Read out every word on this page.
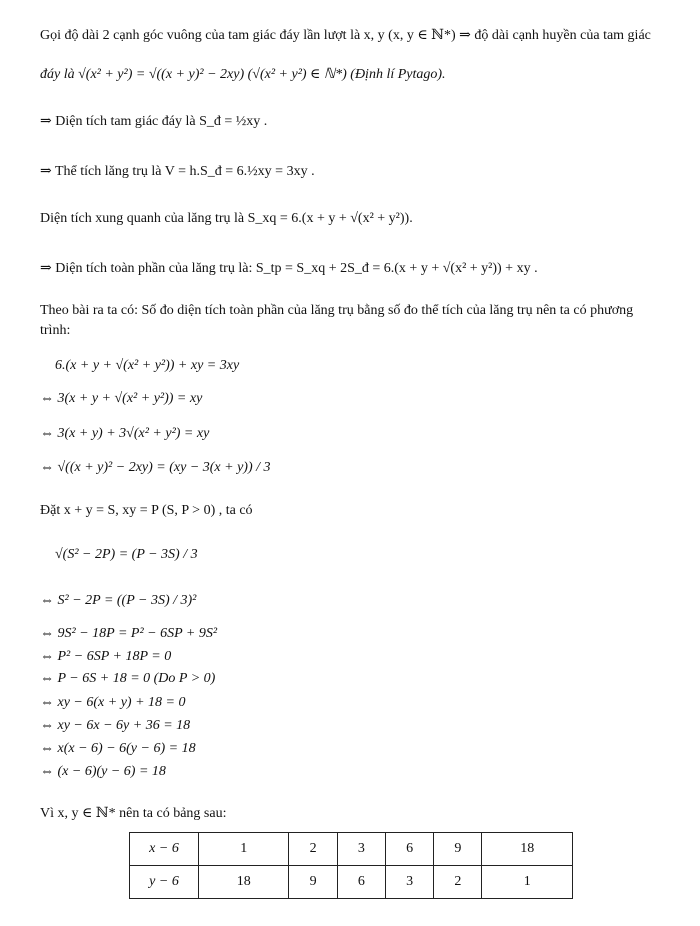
Gọi độ dài 2 cạnh góc vuông của tam giác đáy lần lượt là x, y (x, y ∈ ℕ*) ⇒ độ dài cạnh huyền của tam giác
đáy là √(x² + y²) = √((x + y)² − 2xy) (√(x² + y²) ∈ ℕ*) (Định lí Pytago).
⇒ Diện tích tam giác đáy là S_đ = ½xy .
⇒ Thể tích lăng trụ là V = h.S_đ = 6.½xy = 3xy .
Diện tích xung quanh của lăng trụ là S_xq = 6.(x + y + √(x² + y²)).
⇒ Diện tích toàn phần của lăng trụ là: S_tp = S_xq + 2S_đ = 6.(x + y + √(x² + y²)) + xy .
Theo bài ra ta có: Số đo diện tích toàn phần của lăng trụ bằng số đo thể tích của lăng trụ nên ta có phương
trình:
6.(x + y + √(x² + y²)) + xy = 3xy
⇔ 3(x + y + √(x² + y²)) = xy
⇔ 3(x + y) + 3√(x² + y²) = xy
⇔ √((x + y)² − 2xy) = (xy − 3(x + y)) / 3
Đặt x + y = S, xy = P (S, P > 0) , ta có
√(S² − 2P) = (P − 3S) / 3
⇔ S² − 2P = ((P − 3S) / 3)²
⇔ 9S² − 18P = P² − 6SP + 9S²
⇔ P² − 6SP + 18P = 0
⇔ P − 6S + 18 = 0 (Do P > 0)
⇔ xy − 6(x + y) + 18 = 0
⇔ xy − 6x − 6y + 36 = 18
⇔ x(x − 6) − 6(y − 6) = 18
⇔ (x − 6)(y − 6) = 18
Vì x, y ∈ ℕ* nên ta có bảng sau:
x − 6	1	2	3	6	9	18
y − 6	18	9	6	3	2	1
